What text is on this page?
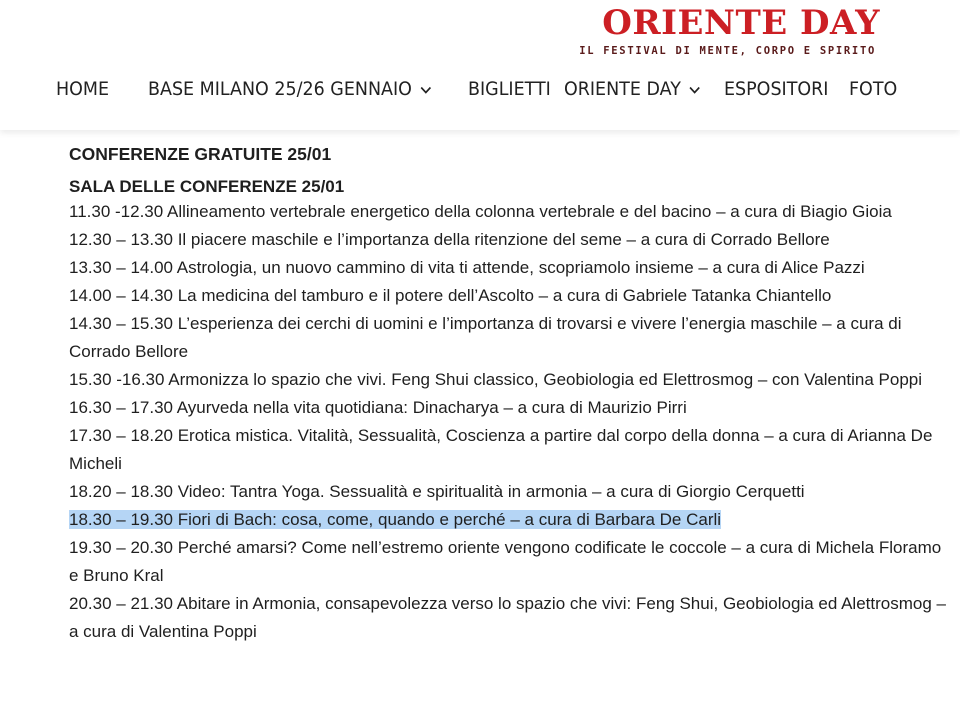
ORIENTE DAY
IL FESTIVAL DI MENTE, CORPO E SPIRITO
HOME BASE MILANO 25/26 GENNAIO	BIGLIETTI ORIENTE DAY ESPOSITORI FOTO
CONFERENZE GRATUITE 25/01
SALA DELLE CONFERENZE 25/01
11.30 -12.30 Allineamento vertebrale energetico della colonna vertebrale e del bacino – a cura di Biagio Gioia
12.30 – 13.30 Il piacere maschile e l’importanza della ritenzione del seme – a cura di Corrado Bellore
13.30 – 14.00 Astrologia, un nuovo cammino di vita ti attende, scopriamolo insieme – a cura di Alice Pazzi
14.00 – 14.30 La medicina del tamburo e il potere dell’Ascolto – a cura di Gabriele Tatanka Chiantello
14.30 – 15.30 L’esperienza dei cerchi di uomini e l’importanza di trovarsi e vivere l’energia maschile – a cura di Corrado Bellore
15.30 -16.30 Armonizza lo spazio che vivi. Feng Shui classico, Geobiologia ed Elettrosmog – con Valentina Poppi
16.30 – 17.30 Ayurveda nella vita quotidiana: Dinacharya – a cura di Maurizio Pirri
17.30 – 18.20 Erotica mistica. Vitalità, Sessualità, Coscienza a partire dal corpo della donna – a cura di Arianna De Micheli
18.20 – 18.30 Video: Tantra Yoga. Sessualità e spiritualità in armonia – a cura di Giorgio Cerquetti
18.30 – 19.30 Fiori di Bach: cosa, come, quando e perché – a cura di Barbara De Carli
19.30 – 20.30 Perché amarsi? Come nell’estremo oriente vengono codificate le coccole – a cura di Michela Floramo e Bruno Kral
20.30 – 21.30 Abitare in Armonia, consapevolezza verso lo spazio che vivi: Feng Shui, Geobiologia ed Alettrosmog – a cura di Valentina Poppi
